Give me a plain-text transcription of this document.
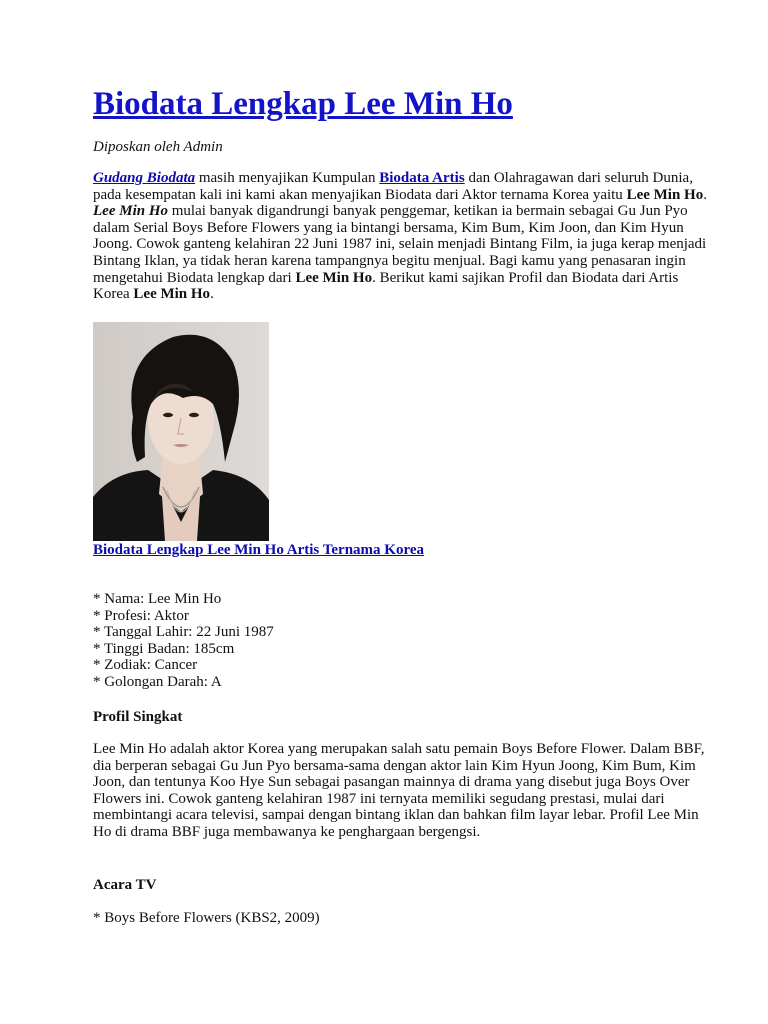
Biodata Lengkap Lee Min Ho
Diposkan oleh Admin

Gudang Biodata masih menyajikan Kumpulan Biodata Artis dan Olahragawan dari seluruh Dunia, pada kesempatan kali ini kami akan menyajikan Biodata dari Aktor ternama Korea yaitu Lee Min Ho. Lee Min Ho mulai banyak digandrungi banyak penggemar, ketikan ia bermain sebagai Gu Jun Pyo dalam Serial Boys Before Flowers yang ia bintangi bersama, Kim Bum, Kim Joon, dan Kim Hyun Joong. Cowok ganteng kelahiran 22 Juni 1987 ini, selain menjadi Bintang Film, ia juga kerap menjadi Bintang Iklan, ya tidak heran karena tampangnya begitu menjual. Bagi kamu yang penasaran ingin mengetahui Biodata lengkap dari Lee Min Ho. Berikut kami sajikan Profil dan Biodata dari Artis Korea Lee Min Ho.

Biodata Lengkap Lee Min Ho Artis Ternama Korea
* Nama: Lee Min Ho
* Profesi: Aktor
* Tanggal Lahir: 22 Juni 1987
* Tinggi Badan: 185cm
* Zodiak: Cancer
* Golongan Darah: A
Profil Singkat

Lee Min Ho adalah aktor Korea yang merupakan salah satu pemain Boys Before Flower. Dalam BBF, dia berperan sebagai Gu Jun Pyo bersama-sama dengan aktor lain Kim Hyun Joong, Kim Bum, Kim Joon, dan tentunya Koo Hye Sun sebagai pasangan mainnya di drama yang disebut juga Boys Over Flowers ini. Cowok ganteng kelahiran 1987 ini ternyata memiliki segudang prestasi, mulai dari membintangi acara televisi, sampai dengan bintang iklan dan bahkan film layar lebar. Profil Lee Min Ho di drama BBF juga membawanya ke penghargaan bergengsi.

Acara TV
* Boys Before Flowers (KBS2, 2009)
